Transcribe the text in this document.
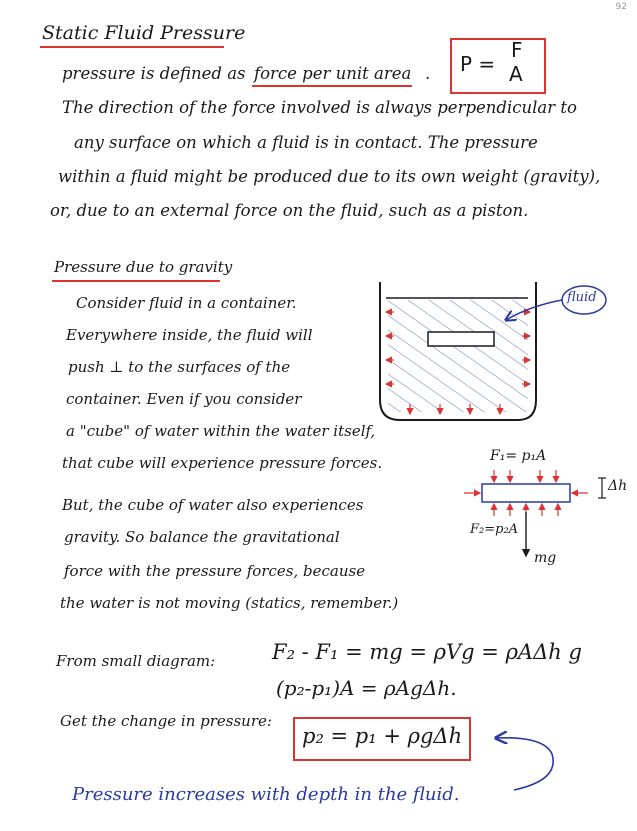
92
Static Fluid Pressure
pressure is defined as force per unit area . P =
F
A
The direction of the force involved is always perpendicular to
any surface on which a fluid is in contact. The pressure
within a fluid might be produced due to its own weight (gravity),
or, due to an external force on the fluid, such as a piston.
Pressure due to gravity
Consider fluid in a container.
Everywhere inside, the fluid will
push ⊥ to the surfaces of the
container. Even if you consider
a "cube" of water within the water itself,
that cube will experience pressure forces.
But, the cube of water also experiences
gravity. So balance the gravitational
force with the pressure forces, because
the water is not moving (statics, remember.)
fluid
F₁= p₁A
F₂=p₂A
Δh
mg
From small diagram:	F₂ - F₁ = mg = ρVg = ρAΔh g
(p₂-p₁)A = ρAgΔh.
Get the change in pressure:
p₂ = p₁ + ρgΔh
Pressure increases with depth in the fluid.
